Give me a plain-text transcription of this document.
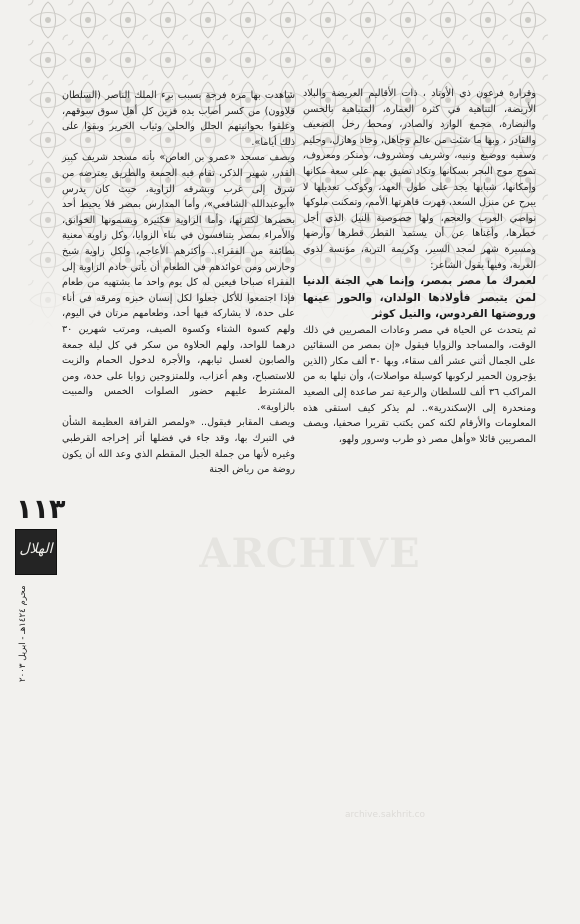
ARCHIVE

وقرارة فرعون ذي الأوتاد ، ذات الأقاليم العريضة والبلاد الأريضة، التناهية في كثرة العمارة، المتباهية بالحسن والنضارة، مجمع الوارد والصادر، ومحط رحل الضعيف والقادر ، وبها ما شئت من عالم وجاهل، وجاد وهازل، وحليم وسفيه ووضيع ونبيه، وشريف ومشروف، ومنكر ومعروف، تموج موج البحر بسكانها وتكاد تضيق بهم على سعة مكانها وإمكانها، شبابها يجد على طول العهد، وكوكب تعديلها لا يبرح عن منزل السعد، قهرت قاهرتها الأمم، وتمكنت ملوكها نواصي العرب والعجم، ولها خصوصية النيل الذي أجل خطرها، وأغناها عن أن يستمد القطر قطرها وأرضها ومسيرة شهر لمجد السير، وكريمة التربة، مؤنسة لذوي الغربة، وفيها يقول الشاعر:

لعمرك ما مصر بمصر، وإنما هي الجنة الدنيا لمن يتبصر فأولادها الولدان، والحور عينها وروضتها الفردوس، والنيل كوثر

ثم يتحدث عن الحياة في مصر وعادات المصريين في ذلك الوقت، والمساجد والزوايا فيقول «إن بمصر من السقائين على الجمال أثني عشر ألف سقاء، وبها ٣٠ ألف مكار (الذين يؤجرون الحمير لركوبها كوسيلة مواصلات)، وأن نيلها به من المراكب ٣٦ ألف للسلطان والرعية تمر صاعدة إلى الصعيد ومنحدرة إلى الإسكندرية».. لم يذكر كيف استقى هذه المعلومات والأرقام لكنه كمن يكتب تقريرا صحفيا، ويصف المصريين قائلا «وأهل مصر ذو طرب وسرور ولهو،

شاهدت بها مرة فرجة بسبب برء الملك الناصر (السلطان قلاوون) من كسر أصاب يده فزين كل أهل سوق سوقهم، وعلقوا بحوانيتهم الحلل والحلي وثياب الحرير وبقوا على ذلك أياما».

ويصف مسجد «عمرو بن العاص» بأنه مسجد شريف كبير القدر، شهير الذكر، تقام فيه الجمعة والطريق يعترضه من شرق إلى غرب وبشرقه الزاوية، حيث كان يدرس «أبوعبدالله الشافعي»، وأما المدارس بمصر فلا يحيط أحد بحصرها لكثرتها، وأما الزاوية فكثيرة ويسمونها الخوانق، والأمراء بمصر يتنافسون في بناء الزوايا، وكل زاوية معنية بطائفة من الفقراء.. وأكثرهم الأعاجم، ولكل زاوية شيخ وحارس ومن عوائدهم في الطعام أن يأتي خادم الزاوية إلى الفقراء صباحا فيعين له كل يوم واحد ما يشتهيه من طعام فإذا اجتمعوا للأكل جعلوا لكل إنسان خبزه ومرقه في أناء على حدة، لا يشاركه فيها أحد، وطعامهم مرتان في اليوم، ولهم كسوة الشتاء وكسوة الصيف، ومرتب شهرين ٣٠ درهما للواحد، ولهم الحلاوة من سكر في كل ليلة جمعة والصابون لغسل ثيابهم، والأجرة لدخول الحمام والزيت للاستصباح، وهم أعزاب، وللمتزوجين زوايا على حدة، ومن المشترط عليهم حضور الصلوات الخمس والمبيت بالزاوية».

ويصف المقابر فيقول.. «ولمصر القرافة العظيمة الشأن في التبرك بها، وقد جاء في فضلها أثر إخراجه القرطبي وغيره لأنها من جملة الجبل المقطم الذي وعد الله أن يكون روضة من رياض الجنة

١١٣
الهلال
محرم ١٤٢٤هـ - ابريل ٢٠٠٣
archive.sakhrit.co
